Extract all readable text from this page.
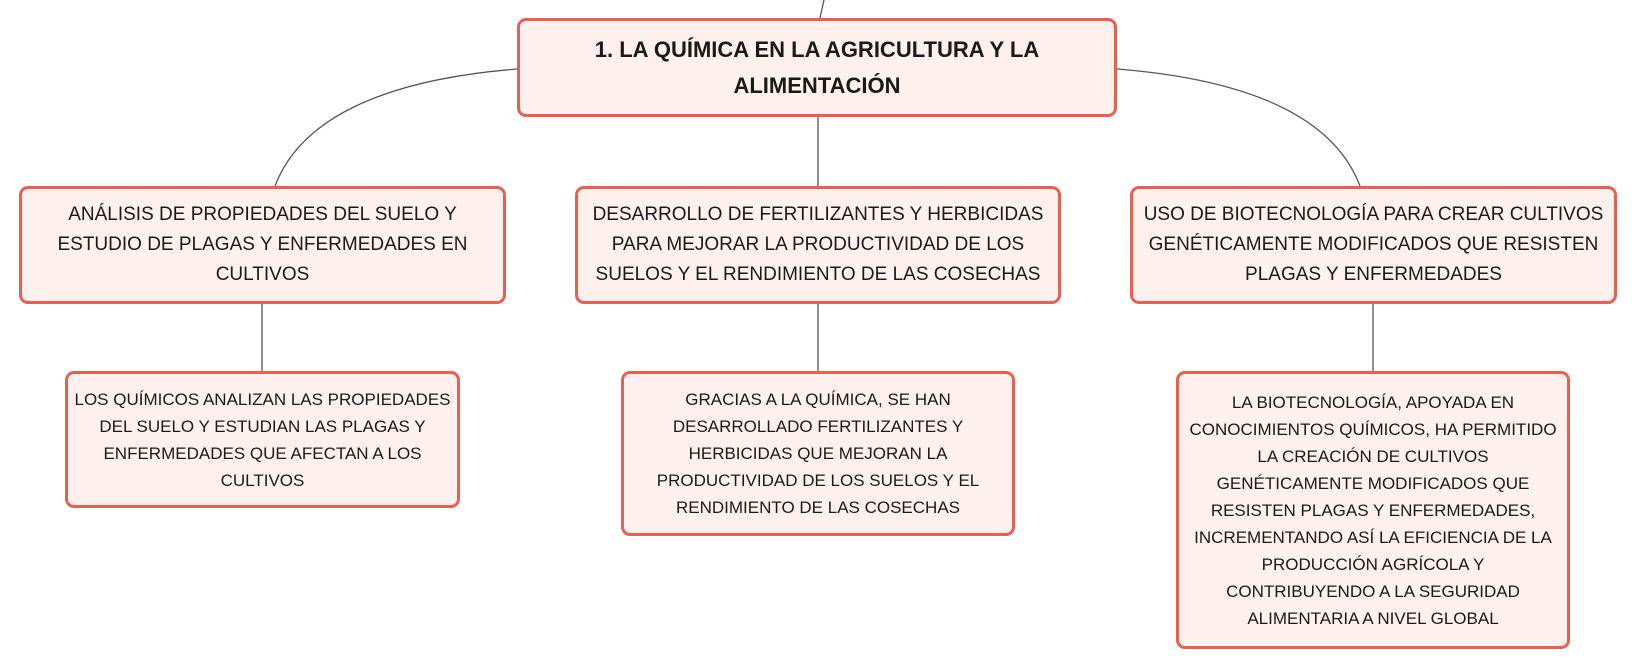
1. LA QUÍMICA EN LA AGRICULTURA Y LA ALIMENTACIÓN
ANÁLISIS DE PROPIEDADES DEL SUELO Y ESTUDIO DE PLAGAS Y ENFERMEDADES EN CULTIVOS
DESARROLLO DE FERTILIZANTES Y HERBICIDAS PARA MEJORAR LA PRODUCTIVIDAD DE LOS SUELOS Y EL RENDIMIENTO DE LAS COSECHAS
USO DE BIOTECNOLOGÍA PARA CREAR CULTIVOS GENÉTICAMENTE MODIFICADOS QUE RESISTEN PLAGAS Y ENFERMEDADES
LOS QUÍMICOS ANALIZAN LAS PROPIEDADES DEL SUELO Y ESTUDIAN LAS PLAGAS Y ENFERMEDADES QUE AFECTAN A LOS CULTIVOS
GRACIAS A LA QUÍMICA, SE HAN DESARROLLADO FERTILIZANTES Y HERBICIDAS QUE MEJORAN LA PRODUCTIVIDAD DE LOS SUELOS Y EL RENDIMIENTO DE LAS COSECHAS
LA BIOTECNOLOGÍA, APOYADA EN CONOCIMIENTOS QUÍMICOS, HA PERMITIDO LA CREACIÓN DE CULTIVOS GENÉTICAMENTE MODIFICADOS QUE RESISTEN PLAGAS Y ENFERMEDADES, INCREMENTANDO ASÍ LA EFICIENCIA DE LA PRODUCCIÓN AGRÍCOLA Y CONTRIBUYENDO A LA SEGURIDAD ALIMENTARIA A NIVEL GLOBAL
